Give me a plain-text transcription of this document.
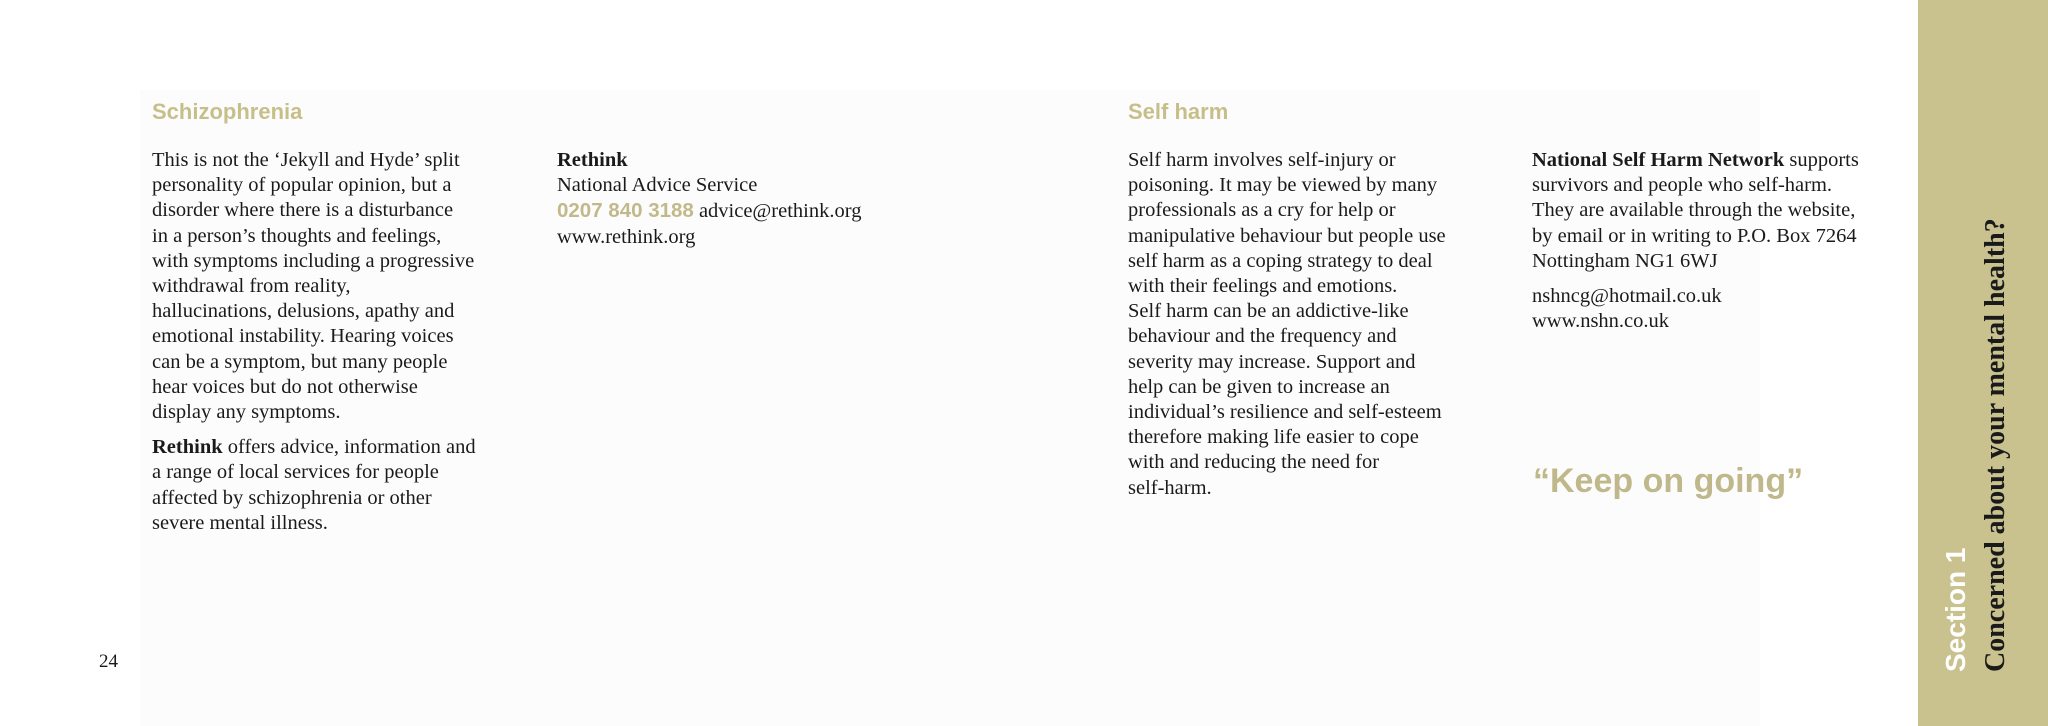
Schizophrenia

This is not the ‘Jekyll and Hyde’ split
personality of popular opinion, but a
disorder where there is a disturbance
in a person’s thoughts and feelings,
with symptoms including a progressive
withdrawal from reality,
hallucinations, delusions, apathy and
emotional instability. Hearing voices
can be a symptom, but many people
hear voices but do not otherwise
display any symptoms.

Rethink offers advice, information and
a range of local services for people
affected by schizophrenia or other
severe mental illness.

Rethink
National Advice Service
0207 840 3188 advice@rethink.org
www.rethink.org
Self harm

Self harm involves self-injury or
poisoning. It may be viewed by many
professionals as a cry for help or
manipulative behaviour but people use
self harm as a coping strategy to deal
with their feelings and emotions.
Self harm can be an addictive-like
behaviour and the frequency and
severity may increase. Support and
help can be given to increase an
individual’s resilience and self-esteem
therefore making life easier to cope
with and reducing the need for
self-harm.

National Self Harm Network supports
survivors and people who self-harm.
They are available through the website,
by email or in writing to P.O. Box 7264
Nottingham NG1 6WJ

nshncg@hotmail.co.uk
www.nshn.co.uk

“Keep on going”
24	Section 1 Concerned about your mental health?
